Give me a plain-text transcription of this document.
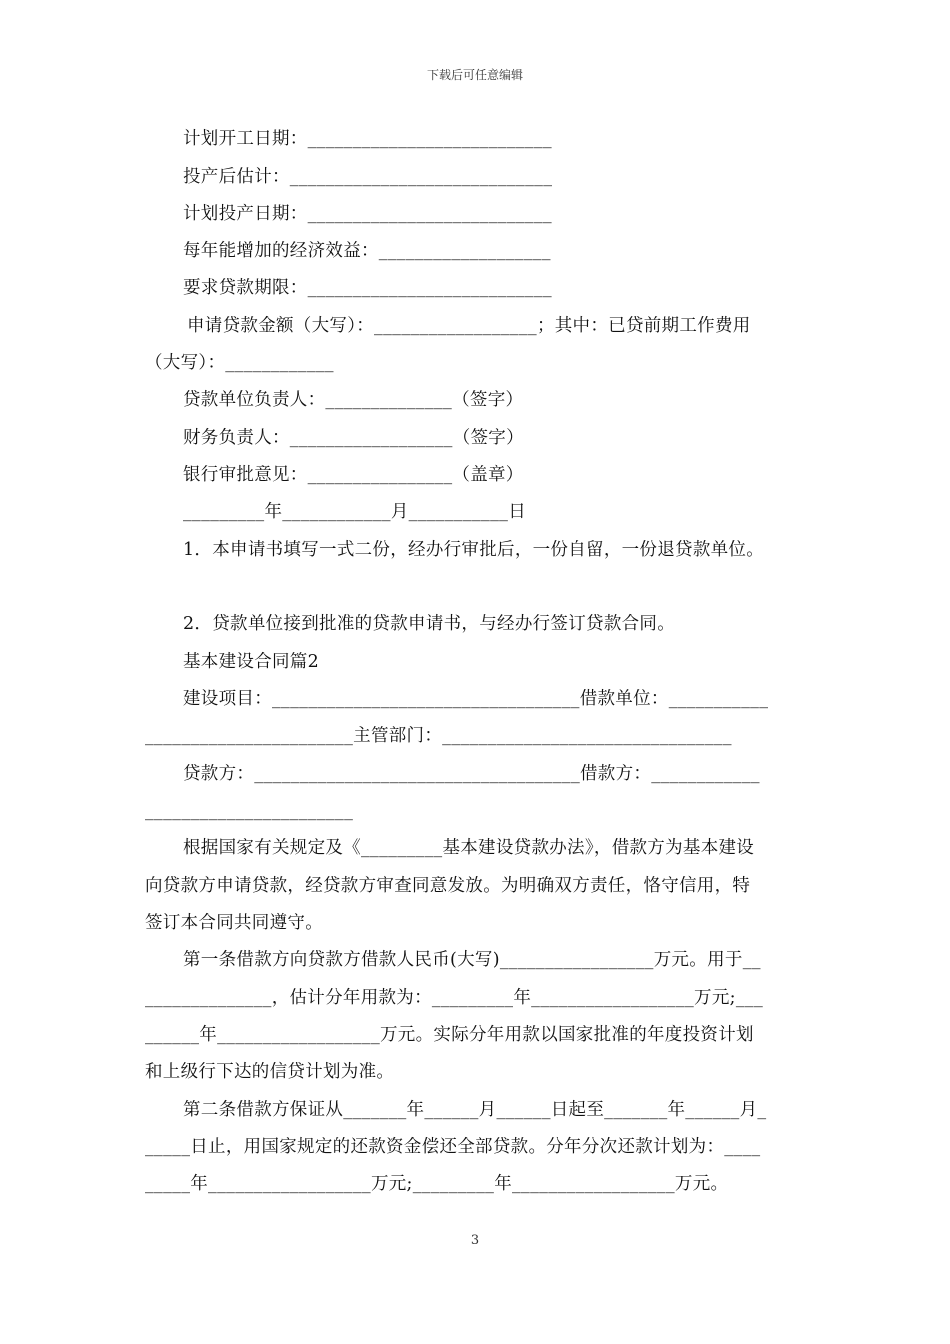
下载后可任意编辑
计划开工日期：___________________________
投产后估计：_____________________________
计划投产日期：___________________________
每年能增加的经济效益：___________________
要求贷款期限：___________________________
申请贷款金额（大写）：__________________；其中：已贷前期工作费用
（大写）：____________
贷款单位负责人：______________（签字）
财务负责人：__________________（签字）
银行审批意见：________________（盖章）
_________年____________月___________日
1．本申请书填写一式二份，经办行审批后，一份自留，一份退贷款单位。
2．贷款单位接到批准的贷款申请书，与经办行签订贷款合同。
基本建设合同篇2
建设项目：__________________________________借款单位：___________
_______________________主管部门：________________________________
贷款方：____________________________________借款方：____________
_______________________
根据国家有关规定及《_________基本建设贷款办法》，借款方为基本建设
向贷款方申请贷款，经贷款方审查同意发放。为明确双方责任，恪守信用，特
签订本合同共同遵守。
第一条借款方向贷款方借款人民币(大写)_________________万元。用于__
______________，估计分年用款为：_________年__________________万元;___
______年__________________万元。实际分年用款以国家批准的年度投资计划
和上级行下达的信贷计划为准。
第二条借款方保证从_______年______月______日起至_______年______月_
_____日止，用国家规定的还款资金偿还全部贷款。分年分次还款计划为：____
_____年__________________万元;_________年__________________万元。
3
